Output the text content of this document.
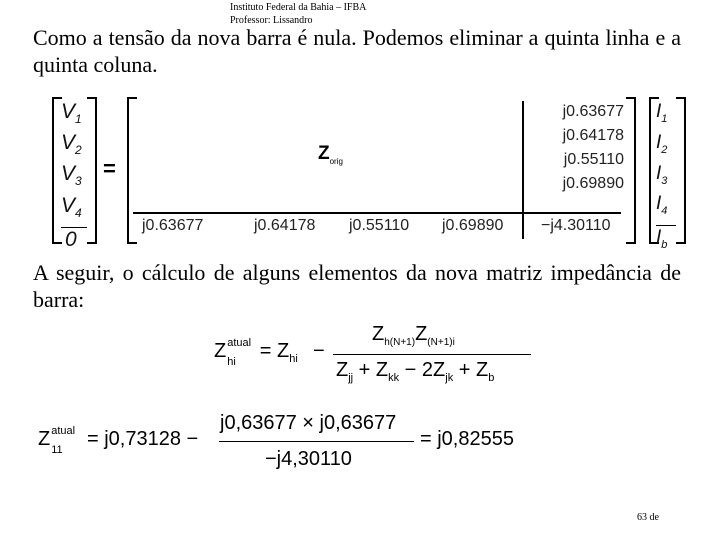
Instituto Federal da Bahia – IFBA
Professor: Lissandro
Como a tensão da nova barra é nula. Podemos eliminar a quinta linha e a quinta coluna.
$V_1$
$V_2$
$V_3$
$V_4$
0
=
$Z_{orig}$
j0.63677
j0.64178
j0.55110
j0.69890
j0.63677	j0.64178 j0.55110 j0.69890 −j4.30110
$I_1$
$I_2$
$I_3$
$I_4$
$I_b$
A seguir, o cálculo de alguns elementos da nova matriz impedância de barra:
Z atual
hi = $Z_{hi}$ −
$Z_{h(N+1)}Z_{(N+1)i}$
$Z_{jj} + Z_{kk} - 2Z_{jk} + Z_b$
Z atual
11 = j0,73128 −
j0,63677 × j0,63677
−j4,30110
= j0,82555
63 de
